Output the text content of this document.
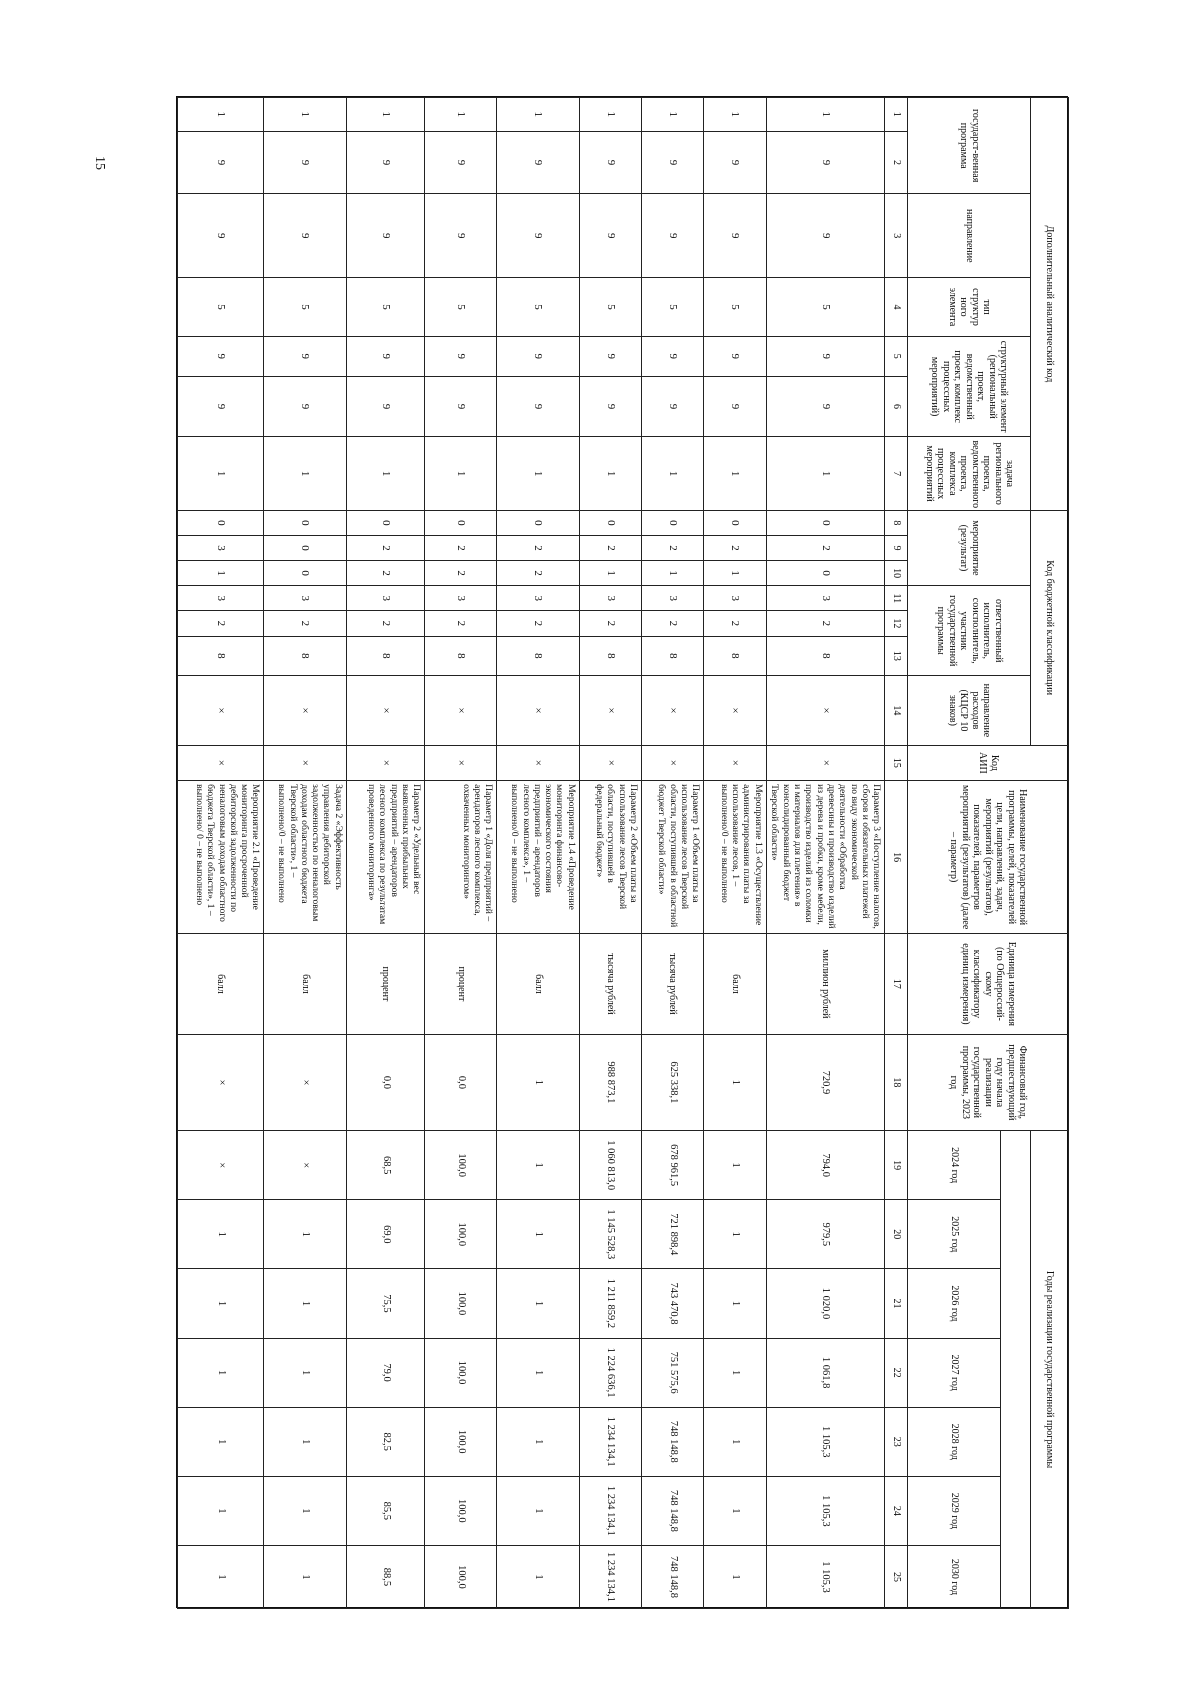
15
Дополнительный аналитический код							Код бюджетной классификации							Код АИП	Наименование государственной программы, целей, показателей цели, направлений, задач, мероприятий (результатов), показателей, параметров мероприятий (результатов) (далее – параметр)	Единица измерения (по Общероссий-скому классификатору единиц измерения)	Финансовый год, предшествующий году начала реализации государственной программы, 2023 год	Годы реализации государственной программы						
государст-венная программа		направление	тип структур ного элемента	структурный элемент (региональный проект, ведомственный проект, комплекс процессных мероприятий)		задача регионального проекта, ведомственного проекта, комплекса процессных мероприятий	мероприятие (результат)			ответственный исполнитель, соисполнитель, участник государственной программы			направление расходов (КЦСР 10 знаков)											
																		2024 год	2025 год	2026 год	2027 год	2028 год	2029 год	2030 год
1	2	3	4	5	6	7	8	9	10	11	12	13	14	15	16	17	18	19	20	21	22	23	24	25
1	9	9	5	9	9	1	0	2	0	3	2	8	×	×	Параметр 3 «Поступление налогов, сборов и обязательных платежей по виду экономической деятельности «Обработка древесины и производство изделий из дерева и пробки, кроме мебели, производство изделий из соломки и материалов для плетения» в консолидированный бюджет Тверской области»	миллион рублей	720,9	794,0	979,5	1 020,0	1 061,8	1 105,3	1 105,3	1 105,3
1	9	9	5	9	9	1	0	2	1	3	2	8	×	×	Мероприятие 1.3 «Осуществление администрирования платы за использование лесов, 1 – выполнено/0 – не выполнено	балл	1	1	1	1	1	1	1	1
1	9	9	5	9	9	1	0	2	1	3	2	8	×	×	Параметр 1 «Объем платы за использование лесов Тверской области, поступившей в областной бюджет Тверской области»	тысяча рублей	625 338,1	678 961,5	721 898,4	743 470,8	751 575,6	748 148,8	748 148,8	748 148,8
1	9	9	5	9	9	1	0	2	1	3	2	8	×	×	Параметр 2 «Объем платы за использование лесов Тверской области, поступившей в федеральный бюджет»	тысяча рублей	988 873,1	1 060 813,0	1 145 528,3	1 211 859,2	1 224 636,1	1 234 134,1	1 234 134,1	1 234 134,1
1	9	9	5	9	9	1	0	2	2	3	2	8	×	×	Мероприятие 1.4 «Проведение мониторинга финансово-экономического состояния предприятий – арендаторов лесного комплекса», 1 – выполнено/0 – не выполнено	балл	1	1	1	1	1	1	1	1
1	9	9	5	9	9	1	0	2	2	3	2	8	×	×	Параметр 1 «Доля предприятий – арендаторов лесного комплекса, охваченных мониторингом»	процент	0,0	100,0	100,0	100,0	100,0	100,0	100,0	100,0
1	9	9	5	9	9	1	0	2	2	3	2	8	×	×	Параметр 2 «Удельный вес выявленных прибыльных предприятий – арендаторов лесного комплекса по результатам проведенного мониторинга»	процент	0,0	68,5	69,0	75,5	79,0	82,5	85,5	88,5
1	9	9	5	9	9	1	0	0	0	3	2	8	×	×	Задача 2 «Эффективность управления дебиторской задолженностью по неналоговым доходам областного бюджета Тверской области», 1 – выполнено/0 – не выполнено	балл	×	×	1	1	1	1	1	1
1	9	9	5	9	9	1	0	3	1	3	2	8	×	×	Мероприятие 2.1 «Проведение мониторинга просроченной дебиторской задолженности по неналоговым доходам областного бюджета Тверской области», 1 – выполнено/ 0 – не выполнено	балл	×	×	1	1	1	1	1	1
